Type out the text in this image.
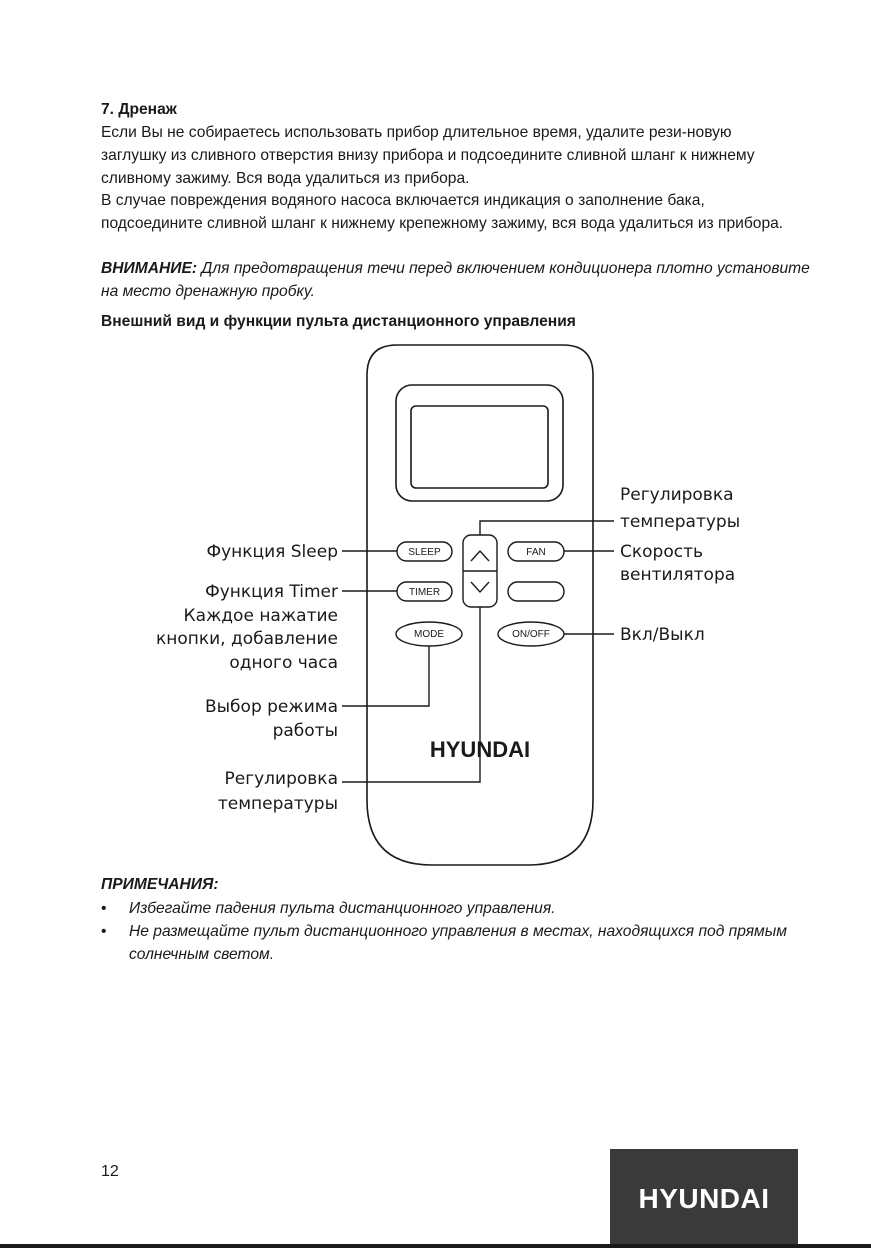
7. Дренаж
Если Вы не собираетесь использовать прибор длительное время, удалите рези-новую заглушку из сливного отверстия внизу прибора и подсоедините сливной шланг к нижнему сливному зажиму. Вся вода удалиться из прибора.
В случае повреждения водяного насоса включается индикация о заполнение бака, подсоедините сливной шланг к нижнему крепежному зажиму, вся вода удалиться из прибора.
ВНИМАНИЕ: Для предотвращения течи перед включением кондиционера плотно установите на место дренажную пробку.
Внешний вид и функции пульта дистанционного управления
SLEEP
TIMER
FAN
MODE	ON/OFF
HYUNDAI
Регулировка
температуры
Скорость
вентилятора
Вкл/Выкл
Функция Sleep
Функция Timer
Каждое нажатие
кнопки, добавление
одного часа
Выбор режима
работы
Регулировка
температуры
ПРИМЕЧАНИЯ:
• Избегайте падения пульта дистанционного управления.
• Не размещайте пульт дистанционного управления в местах, находящихся под прямым солнечным светом.
12
HYUNDAI
